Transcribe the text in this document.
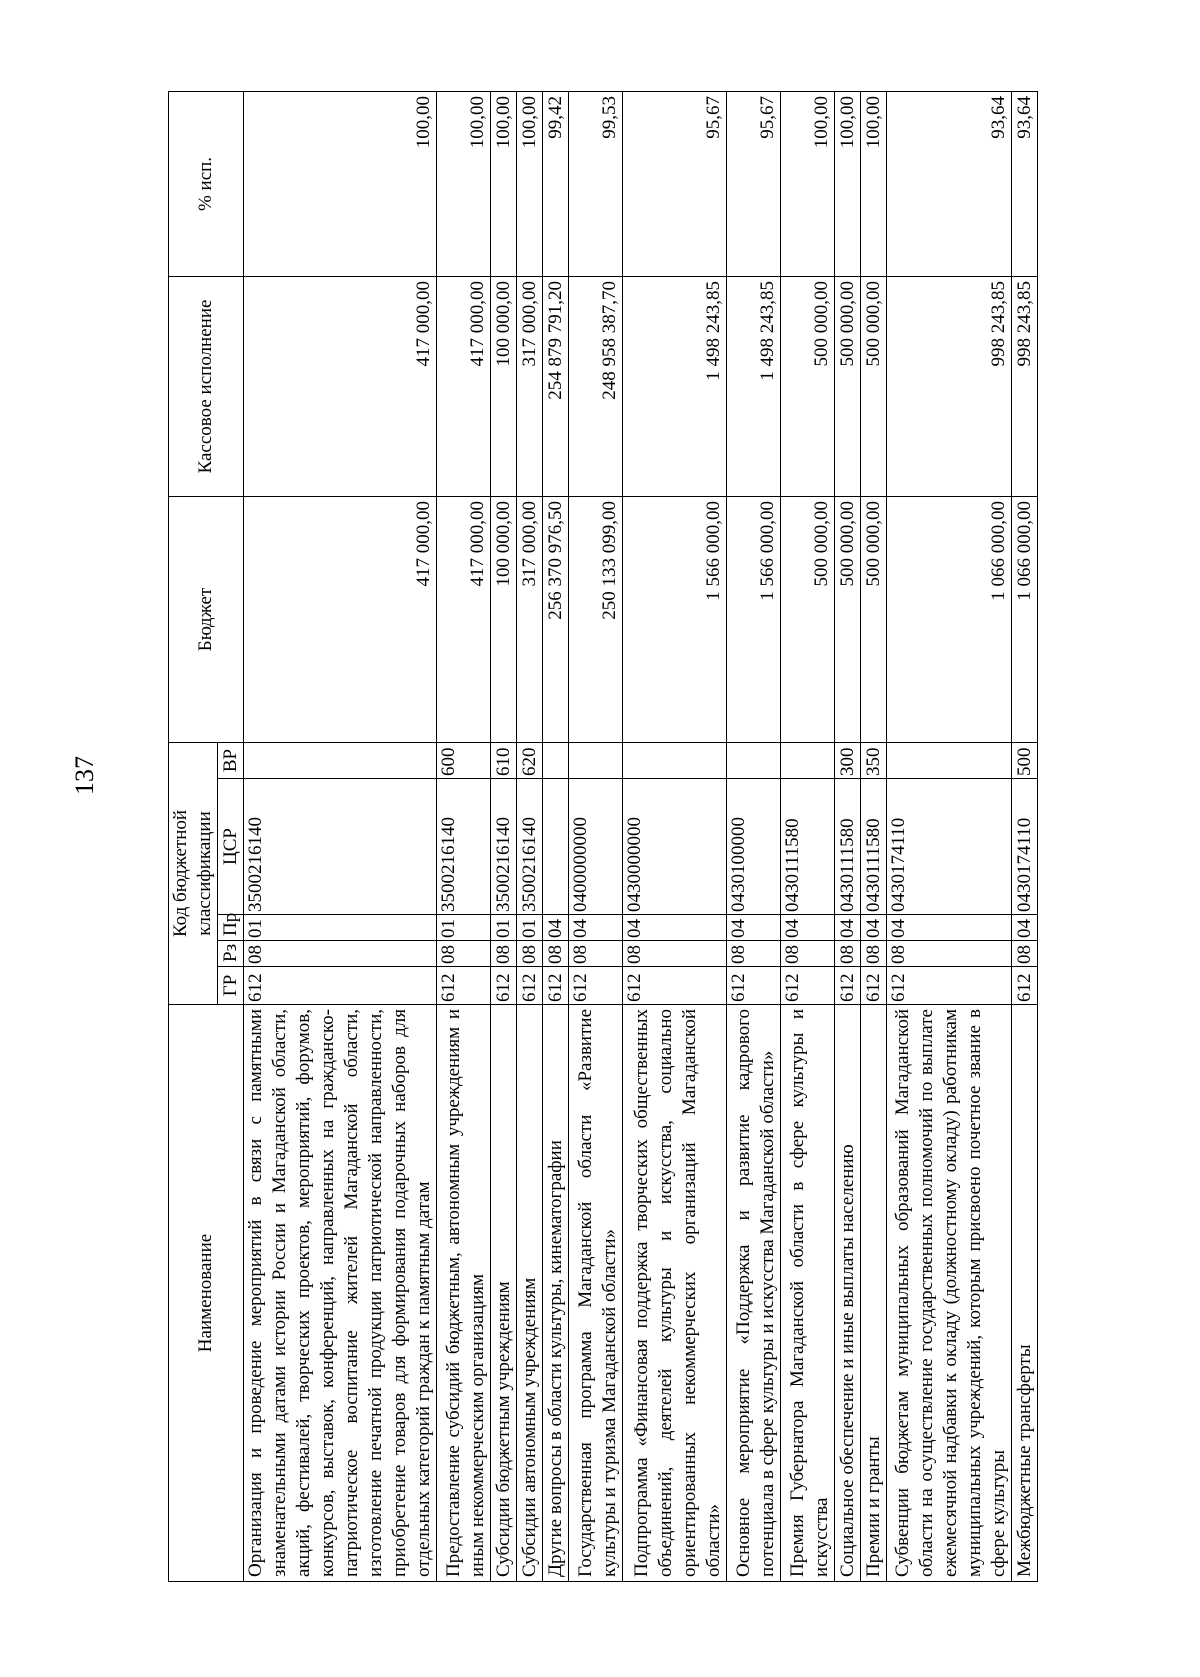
137
Наименование	Код бюджетной классификации					Бюджет	Кассовое исполнение	% исп.
	ГР	Рз	Пр	ЦСР	ВР			
Организация и проведение мероприятий в связи с памятными знаменательными датами истории России и Магаданской области, акций, фестивалей, творческих проектов, мероприятий, форумов, конкурсов, выставок, конференций, направленных на гражданско-патриотическое воспитание жителей Магаданской области, изготовление печатной продукции патриотической направленности, приобретение товаров для формирования подарочных наборов для отдельных категорий граждан к памятным датам	612	08	01	3500216140		417 000,00	417 000,00	100,00
Предоставление субсидий бюджетным, автономным учреждениям и иным некоммерческим организациям	612	08	01	3500216140	600	417 000,00	417 000,00	100,00
Субсидии бюджетным учреждениям	612	08	01	3500216140	610	100 000,00	100 000,00	100,00
Субсидии автономным учреждениям	612	08	01	3500216140	620	317 000,00	317 000,00	100,00
Другие вопросы в области культуры, кинематографии	612	08	04			256 370 976,50	254 879 791,20	99,42
Государственная программа Магаданской области «Развитие культуры и туризма Магаданской области»	612	08	04	0400000000		250 133 099,00	248 958 387,70	99,53
Подпрограмма «Финансовая поддержка творческих общественных объединений, деятелей культуры и искусства, социально ориентированных некоммерческих организаций Магаданской области»	612	08	04	0430000000		1 566 000,00	1 498 243,85	95,67
Основное мероприятие «Поддержка и развитие кадрового потенциала в сфере культуры и искусства Магаданской области»	612	08	04	0430100000		1 566 000,00	1 498 243,85	95,67
Премия Губернатора Магаданской области в сфере культуры и искусства	612	08	04	0430111580		500 000,00	500 000,00	100,00
Социальное обеспечение и иные выплаты населению	612	08	04	0430111580	300	500 000,00	500 000,00	100,00
Премии и гранты	612	08	04	0430111580	350	500 000,00	500 000,00	100,00
Субвенции бюджетам муниципальных образований Магаданской области на осуществление государственных полномочий по выплате ежемесячной надбавки к окладу (должностному окладу) работникам муниципальных учреждений, которым присвоено почетное звание в сфере культуры	612	08	04	0430174110		1 066 000,00	998 243,85	93,64
Межбюджетные трансферты	612	08	04	0430174110	500	1 066 000,00	998 243,85	93,64
